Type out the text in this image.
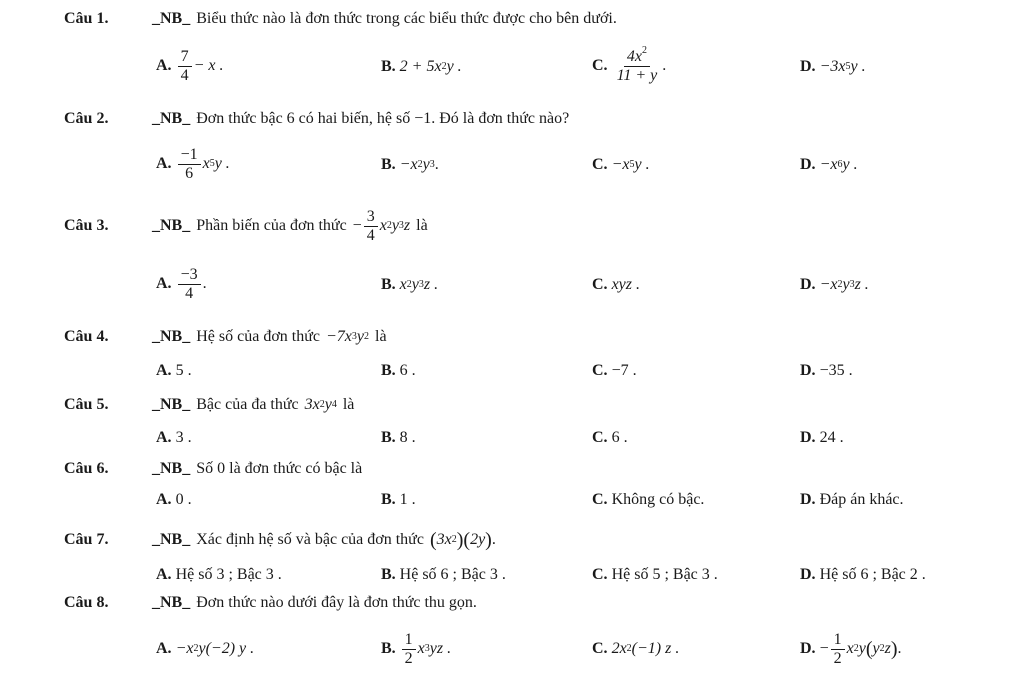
Câu 1.	_NB_ Biểu thức nào là đơn thức trong các biểu thức được cho bên dưới.
A. $\frac{7}{4} - x$ .	B. 2 + 5x 2 y .	C. $\frac{4x^2}{11 + y}$ .	D. −3x 5 y .
Câu 2.	_NB_ Đơn thức bậc 6 có hai biến, hệ số −1. Đó là đơn thức nào?
A. $\frac{-1}{6}$ x 5 y .	B. −x 2 y 3 .	C. −x 5 y .	D. −x 6 y .
Câu 3.	_NB_ Phần biến của đơn thức − $\frac{3}{4}$ x 2 y 3 z là
A. $\frac{-3}{4}$ .	B. x 2 y 3 z .	C. xyz .	D. −x 2 y 3 z .
Câu 4.	_NB_ Hệ số của đơn thức −7x 3 y 2 là
A. 5 .	B. 6 .	C. −7 .	D. −35 .
Câu 5.	_NB_ Bậc của đa thức 3x 2 y 4 là
A. 3 .	B. 8 .	C. 6 .	D. 24 .
Câu 6.	_NB_ Số 0 là đơn thức có bậc là
A. 0 .	B. 1 .	C. Không có bậc.	D. Đáp án khác.
Câu 7.	_NB_ Xác định hệ số và bậc của đơn thức ( 3x 2 )( 2y ) .
A. Hệ số 3 ; Bậc 3 .	B. Hệ số 6 ; Bậc 3 .	C. Hệ số 5 ; Bậc 3 .	D. Hệ số 6 ; Bậc 2 .
Câu 8.	_NB_ Đơn thức nào dưới đây là đơn thức thu gọn.
A. −x 2 y(−2) y .	B. $\frac{1}{2}$ x 3 yz .	C. 2x 2 (−1) z .	D. − $\frac{1}{2}$ x 2 y ( y 2 z ) .
